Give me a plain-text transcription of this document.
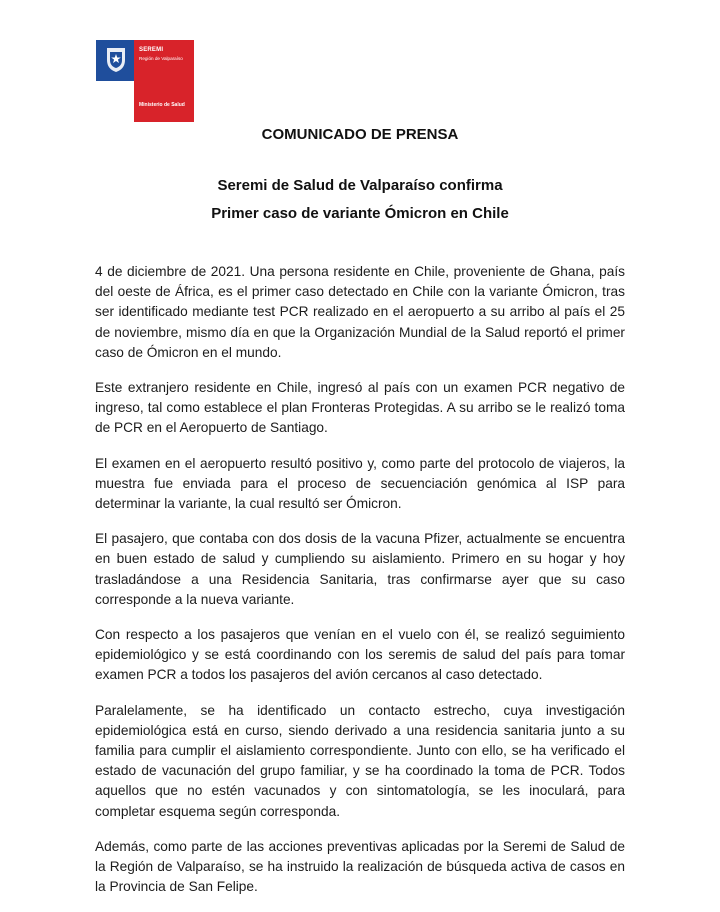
SEREMI
Región de Valparaíso
Ministerio de Salud
COMUNICADO DE PRENSA
Seremi de Salud de Valparaíso confirma
Primer caso de variante Ómicron en Chile

4 de diciembre de 2021. Una persona residente en Chile, proveniente de Ghana, país del oeste de África, es el primer caso detectado en Chile con la variante Ómicron, tras ser identificado mediante test PCR realizado en el aeropuerto a su arribo al país el 25 de noviembre, mismo día en que la Organización Mundial de la Salud reportó el primer caso de Ómicron en el mundo.

Este extranjero residente en Chile, ingresó al país con un examen PCR negativo de ingreso, tal como establece el plan Fronteras Protegidas. A su arribo se le realizó toma de PCR en el Aeropuerto de Santiago.

El examen en el aeropuerto resultó positivo y, como parte del protocolo de viajeros, la muestra fue enviada para el proceso de secuenciación genómica al ISP para determinar la variante, la cual resultó ser Ómicron.

El pasajero, que contaba con dos dosis de la vacuna Pfizer, actualmente se encuentra en buen estado de salud y cumpliendo su aislamiento. Primero en su hogar y hoy trasladándose a una Residencia Sanitaria, tras confirmarse ayer que su caso corresponde a la nueva variante.

Con respecto a los pasajeros que venían en el vuelo con él, se realizó seguimiento epidemiológico y se está coordinando con los seremis de salud del país para tomar examen PCR a todos los pasajeros del avión cercanos al caso detectado.

Paralelamente, se ha identificado un contacto estrecho, cuya investigación epidemiológica está en curso, siendo derivado a una residencia sanitaria junto a su familia para cumplir el aislamiento correspondiente. Junto con ello, se ha verificado el estado de vacunación del grupo familiar, y se ha coordinado la toma de PCR. Todos aquellos que no estén vacunados y con sintomatología, se les inoculará, para completar esquema según corresponda.

Además, como parte de las acciones preventivas aplicadas por la Seremi de Salud de la Región de Valparaíso, se ha instruido la realización de búsqueda activa de casos en la Provincia de San Felipe.
